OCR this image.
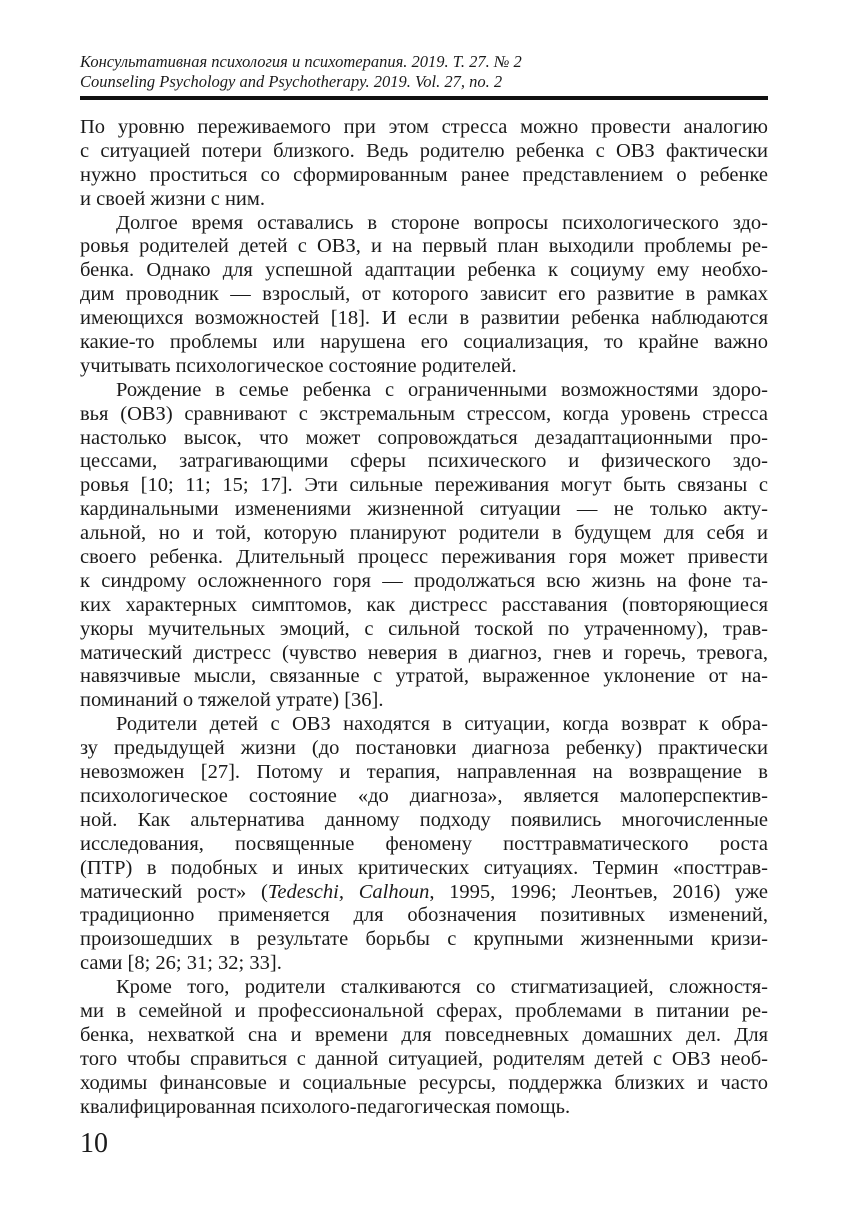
Консультативная психология и психотерапия. 2019. Т. 27. № 2
Counseling Psychology and Psychotherapy. 2019. Vol. 27, no. 2
По уровню переживаемого при этом стресса можно провести аналогию
с ситуацией потери близкого. Ведь родителю ребенка с ОВЗ фактически
нужно проститься со сформированным ранее представлением о ребенке
и своей жизни с ним.
Долгое время оставались в стороне вопросы психологического здо-
ровья родителей детей с ОВЗ, и на первый план выходили проблемы ре-
бенка. Однако для успешной адаптации ребенка к социуму ему необхо-
дим проводник — взрослый, от которого зависит его развитие в рамках
имеющихся возможностей [18]. И если в развитии ребенка наблюдаются
какие-то проблемы или нарушена его социализация, то крайне важно
учитывать психологическое состояние родителей.
Рождение в семье ребенка с ограниченными возможностями здоро-
вья (ОВЗ) сравнивают с экстремальным стрессом, когда уровень стресса
настолько высок, что может сопровождаться дезадаптационными про-
цессами, затрагивающими сферы психического и физического здо-
ровья [10; 11; 15; 17]. Эти сильные переживания могут быть связаны с
кардинальными изменениями жизненной ситуации — не только акту-
альной, но и той, которую планируют родители в будущем для себя и
своего ребенка. Длительный процесс переживания горя может привести
к синдрому осложненного горя — продолжаться всю жизнь на фоне та-
ких характерных симптомов, как дистресс расставания (повторяющиеся
укоры мучительных эмоций, с сильной тоской по утраченному), трав-
матический дистресс (чувство неверия в диагноз, гнев и горечь, тревога,
навязчивые мысли, связанные с утратой, выраженное уклонение от на-
поминаний о тяжелой утрате) [36].
Родители детей с ОВЗ находятся в ситуации, когда возврат к обра-
зу предыдущей жизни (до постановки диагноза ребенку) практически
невозможен [27]. Потому и терапия, направленная на возвращение в
психологическое состояние «до диагноза», является малоперспектив-
ной. Как альтернатива данному подходу появились многочисленные
исследования, посвященные феномену посттравматического роста
(ПТР) в подобных и иных критических ситуациях. Термин «посттрав-
матический рост» (Tedeschi, Calhoun, 1995, 1996; Леонтьев, 2016) уже
традиционно применяется для обозначения позитивных изменений,
произошедших в результате борьбы с крупными жизненными кризи-
сами [8; 26; 31; 32; 33].
Кроме того, родители сталкиваются со стигматизацией, сложностя-
ми в семейной и профессиональной сферах, проблемами в питании ре-
бенка, нехваткой сна и времени для повседневных домашних дел. Для
того чтобы справиться с данной ситуацией, родителям детей с ОВЗ необ-
ходимы финансовые и социальные ресурсы, поддержка близких и часто
квалифицированная психолого-педагогическая помощь.
10
